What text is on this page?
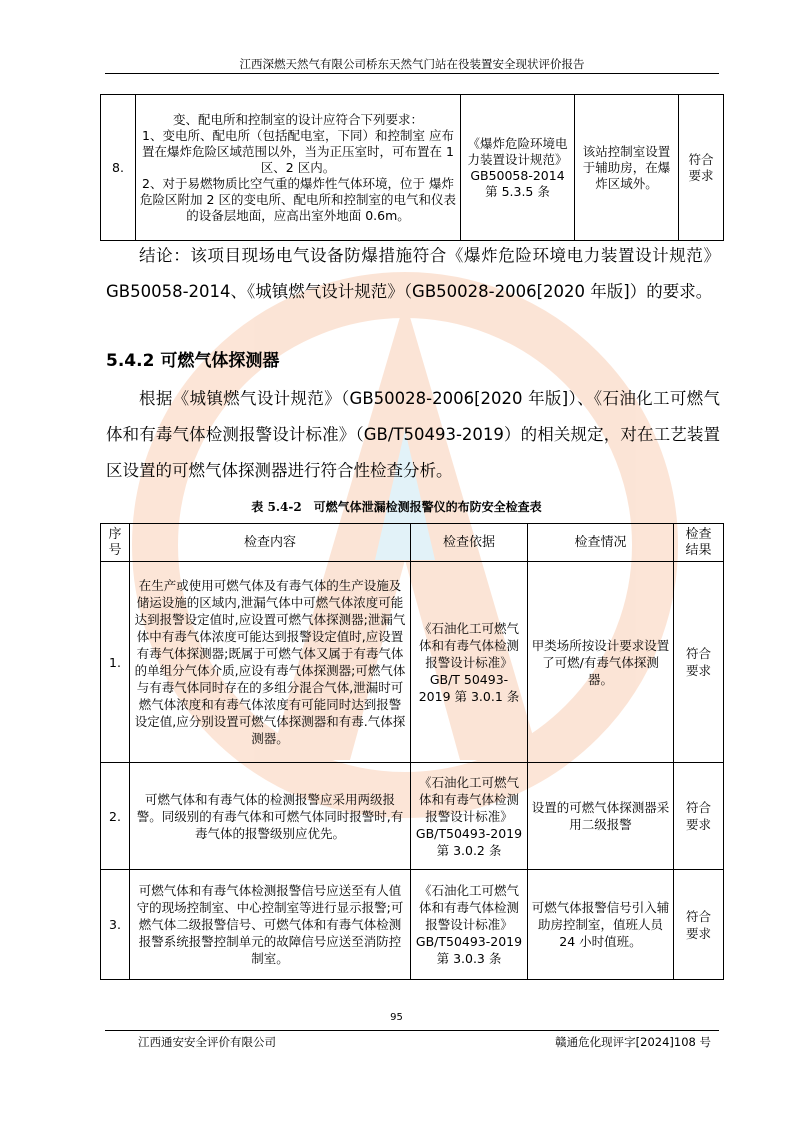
江西深燃天然气有限公司桥东天然气门站在役装置安全现状评价报告
8.	变、配电所和控制室的设计应符合下列要求：
1、变电所、配电所（包括配电室，下同）和控制室 应布置在爆炸危险区域范围以外，当为正压室时，可布置在 1 区、2 区内。
2、对于易燃物质比空气重的爆炸性气体环境，位于 爆炸危险区附加 2 区的变电所、配电所和控制室的电气和仪表的设备层地面，应高出室外地面 0.6m。	《爆炸危险环境电力装置设计规范》
GB50058-2014
第 5.3.5 条	该站控制室设置于辅助房，在爆炸区域外。	符合
要求
结论：该项目现场电气设备防爆措施符合《爆炸危险环境电力装置设计规范》GB50058-2014、《城镇燃气设计规范》（GB50028-2006[2020 年版]）的要求。
5.4.2 可燃气体探测器
根据《城镇燃气设计规范》（GB50028-2006[2020 年版]）、《石油化工可燃气体和有毒气体检测报警设计标准》（GB/T50493-2019）的相关规定，对在工艺装置区设置的可燃气体探测器进行符合性检查分析。
表 5.4-2　可燃气体泄漏检测报警仪的布防安全检查表
序
号	检查内容	检查依据	检查情况	检查
结果
1.	在生产或使用可燃气体及有毒气体的生产设施及储运设施的区域内,泄漏气体中可燃气体浓度可能达到报警设定值时,应设置可燃气体探测器;泄漏气体中有毒气体浓度可能达到报警设定值时,应设置有毒气体探测器;既属于可燃气体又属于有毒气体的单组分气体介质,应设有毒气体探测器;可燃气体与有毒气体同时存在的多组分混合气体,泄漏时可燃气体浓度和有毒气体浓度有可能同时达到报警设定值,应分别设置可燃气体探测器和有毒.气体探测器。	《石油化工可燃气体和有毒气体检测报警设计标准》GB/T 50493-2019 第 3.0.1 条	甲类场所按设计要求设置了可燃/有毒气体探测器。	符合
要求
2.	可燃气体和有毒气体的检测报警应采用两级报警。同级别的有毒气体和可燃气体同时报警时,有毒气体的报警级别应优先。	《石油化工可燃气体和有毒气体检测报警设计标准》
GB/T50493-2019
第 3.0.2 条	设置的可燃气体探测器采用二级报警	符合
要求
3.	可燃气体和有毒气体检测报警信号应送至有人值守的现场控制室、中心控制室等进行显示报警;可燃气体二级报警信号、可燃气体和有毒气体检测报警系统报警控制单元的故障信号应送至消防控制室。	《石油化工可燃气体和有毒气体检测报警设计标准》
GB/T50493-2019
第 3.0.3 条	可燃气体报警信号引入辅助房控制室，值班人员 24 小时值班。	符合
要求
95
江西通安安全评价有限公司	赣通危化现评字[2024]108 号
